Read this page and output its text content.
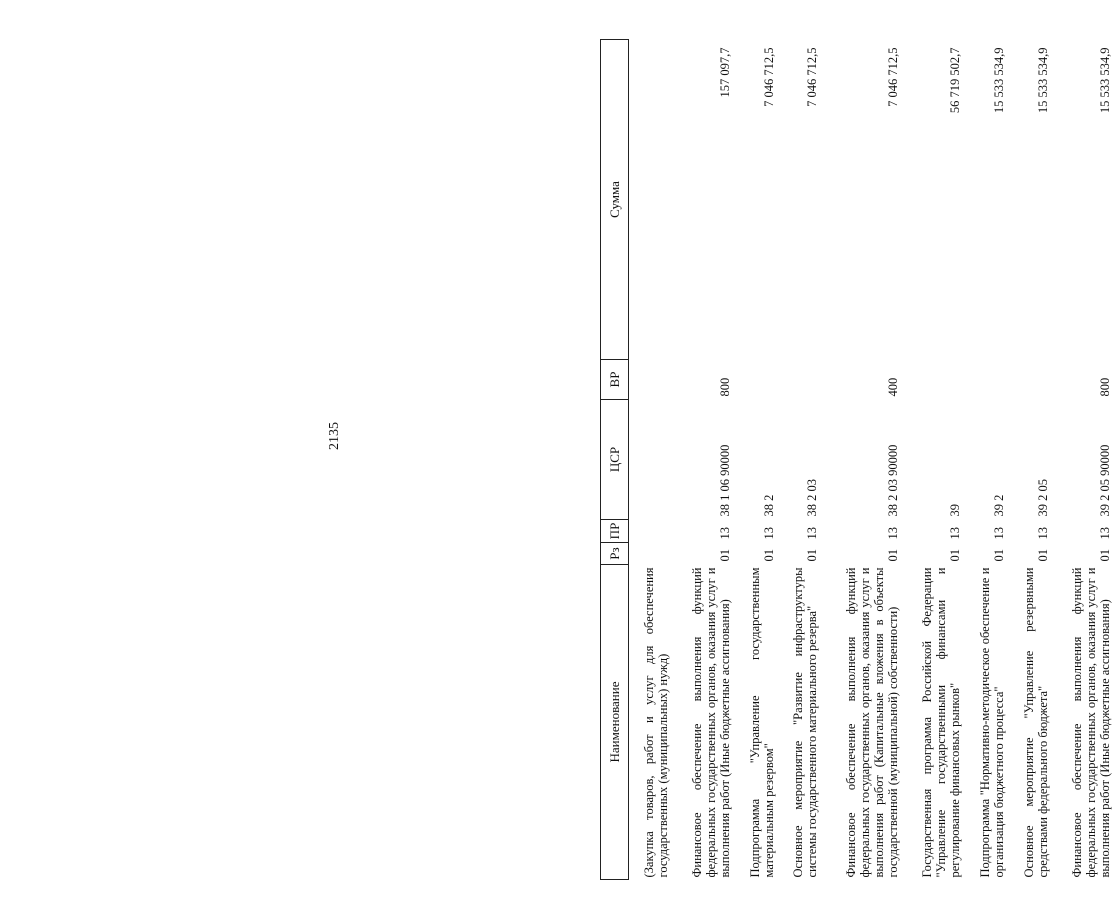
2135
Наименование	Рз	ПР	ЦСР	ВР	Сумма
(Закупка товаров, работ и услуг для обеспечения государственных (муниципальных) нужд)					
Финансовое обеспечение выполнения функций федеральных государственных органов, оказания услуг и выполнения работ (Иные бюджетные ассигнования)	01	13	38 1 06 90000	800	157 097,7
Подпрограмма "Управление государственным материальным резервом"	01	13	38 2		7 046 712,5
Основное мероприятие "Развитие инфраструктуры системы государственного материального резерва"	01	13	38 2 03		7 046 712,5
Финансовое обеспечение выполнения функций федеральных государственных органов, оказания услуг и выполнения работ (Капитальные вложения в объекты государственной (муниципальной) собственности)	01	13	38 2 03 90000	400	7 046 712,5
Государственная программа Российской Федерации "Управление государственными финансами и регулирование финансовых рынков"	01	13	39		56 719 502,7
Подпрограмма "Нормативно-методическое обеспечение и организация бюджетного процесса"	01	13	39 2		15 533 534,9
Основное мероприятие "Управление резервными средствами федерального бюджета"	01	13	39 2 05		15 533 534,9
Финансовое обеспечение выполнения функций федеральных государственных органов, оказания услуг и выполнения работ (Иные бюджетные ассигнования)	01	13	39 2 05 90000	800	15 533 534,9
